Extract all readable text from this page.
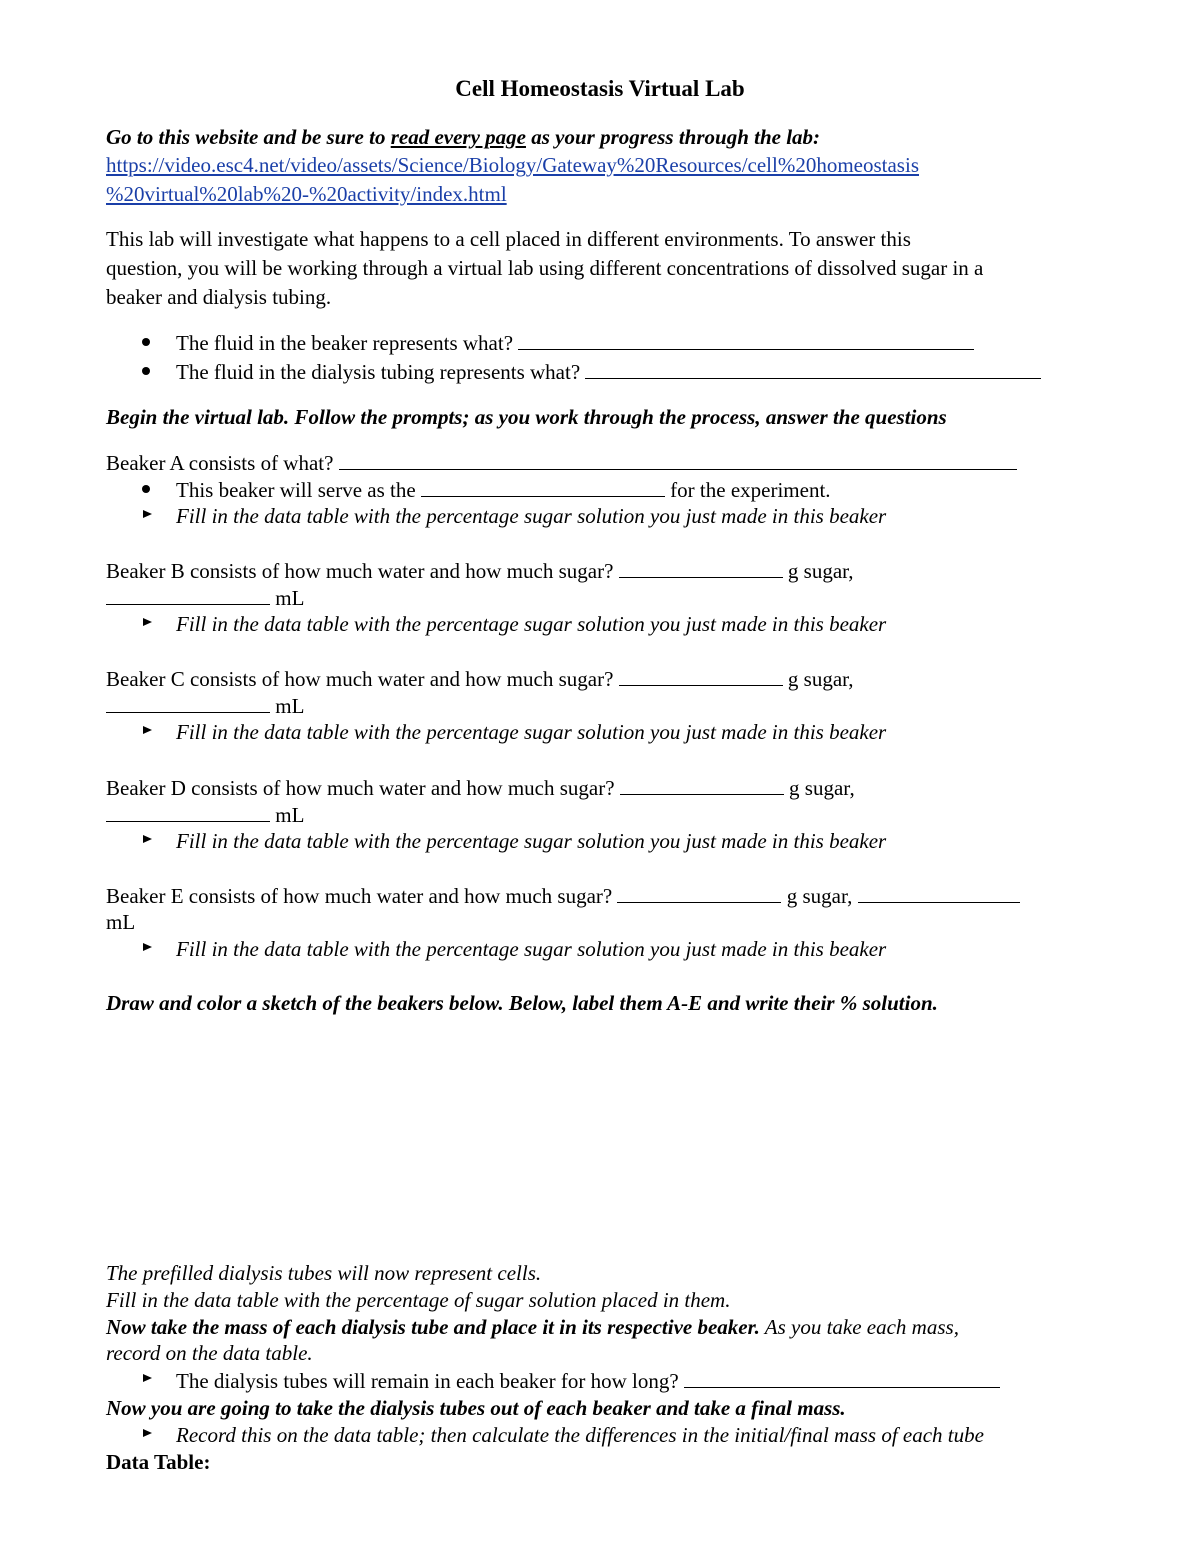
Cell Homeostasis Virtual Lab
Go to this website and be sure to read every page as your progress through the lab:
https://video.esc4.net/video/assets/Science/Biology/Gateway%20Resources/cell%20homeostasis
%20virtual%20lab%20-%20activity/index.html
This lab will investigate what happens to a cell placed in different environments. To answer this
question, you will be working through a virtual lab using different concentrations of dissolved sugar in a
beaker and dialysis tubing.
The fluid in the beaker represents what?
The fluid in the dialysis tubing represents what?
Begin the virtual lab. Follow the prompts; as you work through the process, answer the questions
Beaker A consists of what?
This beaker will serve as the	for the experiment.
Fill in the data table with the percentage sugar solution you just made in this beaker
Beaker B consists of how much water and how much sugar?	g sugar,
mL
Fill in the data table with the percentage sugar solution you just made in this beaker
Beaker C consists of how much water and how much sugar?	g sugar,
mL
Fill in the data table with the percentage sugar solution you just made in this beaker
Beaker D consists of how much water and how much sugar?	g sugar,
mL
Fill in the data table with the percentage sugar solution you just made in this beaker
Beaker E consists of how much water and how much sugar?	g sugar,
mL
Fill in the data table with the percentage sugar solution you just made in this beaker
Draw and color a sketch of the beakers below. Below, label them A-E and write their % solution.
The prefilled dialysis tubes will now represent cells.
Fill in the data table with the percentage of sugar solution placed in them.
Now take the mass of each dialysis tube and place it in its respective beaker. As you take each mass,
record on the data table.
The dialysis tubes will remain in each beaker for how long?
Now you are going to take the dialysis tubes out of each beaker and take a final mass.
Record this on the data table; then calculate the differences in the initial/final mass of each tube
Data Table:
